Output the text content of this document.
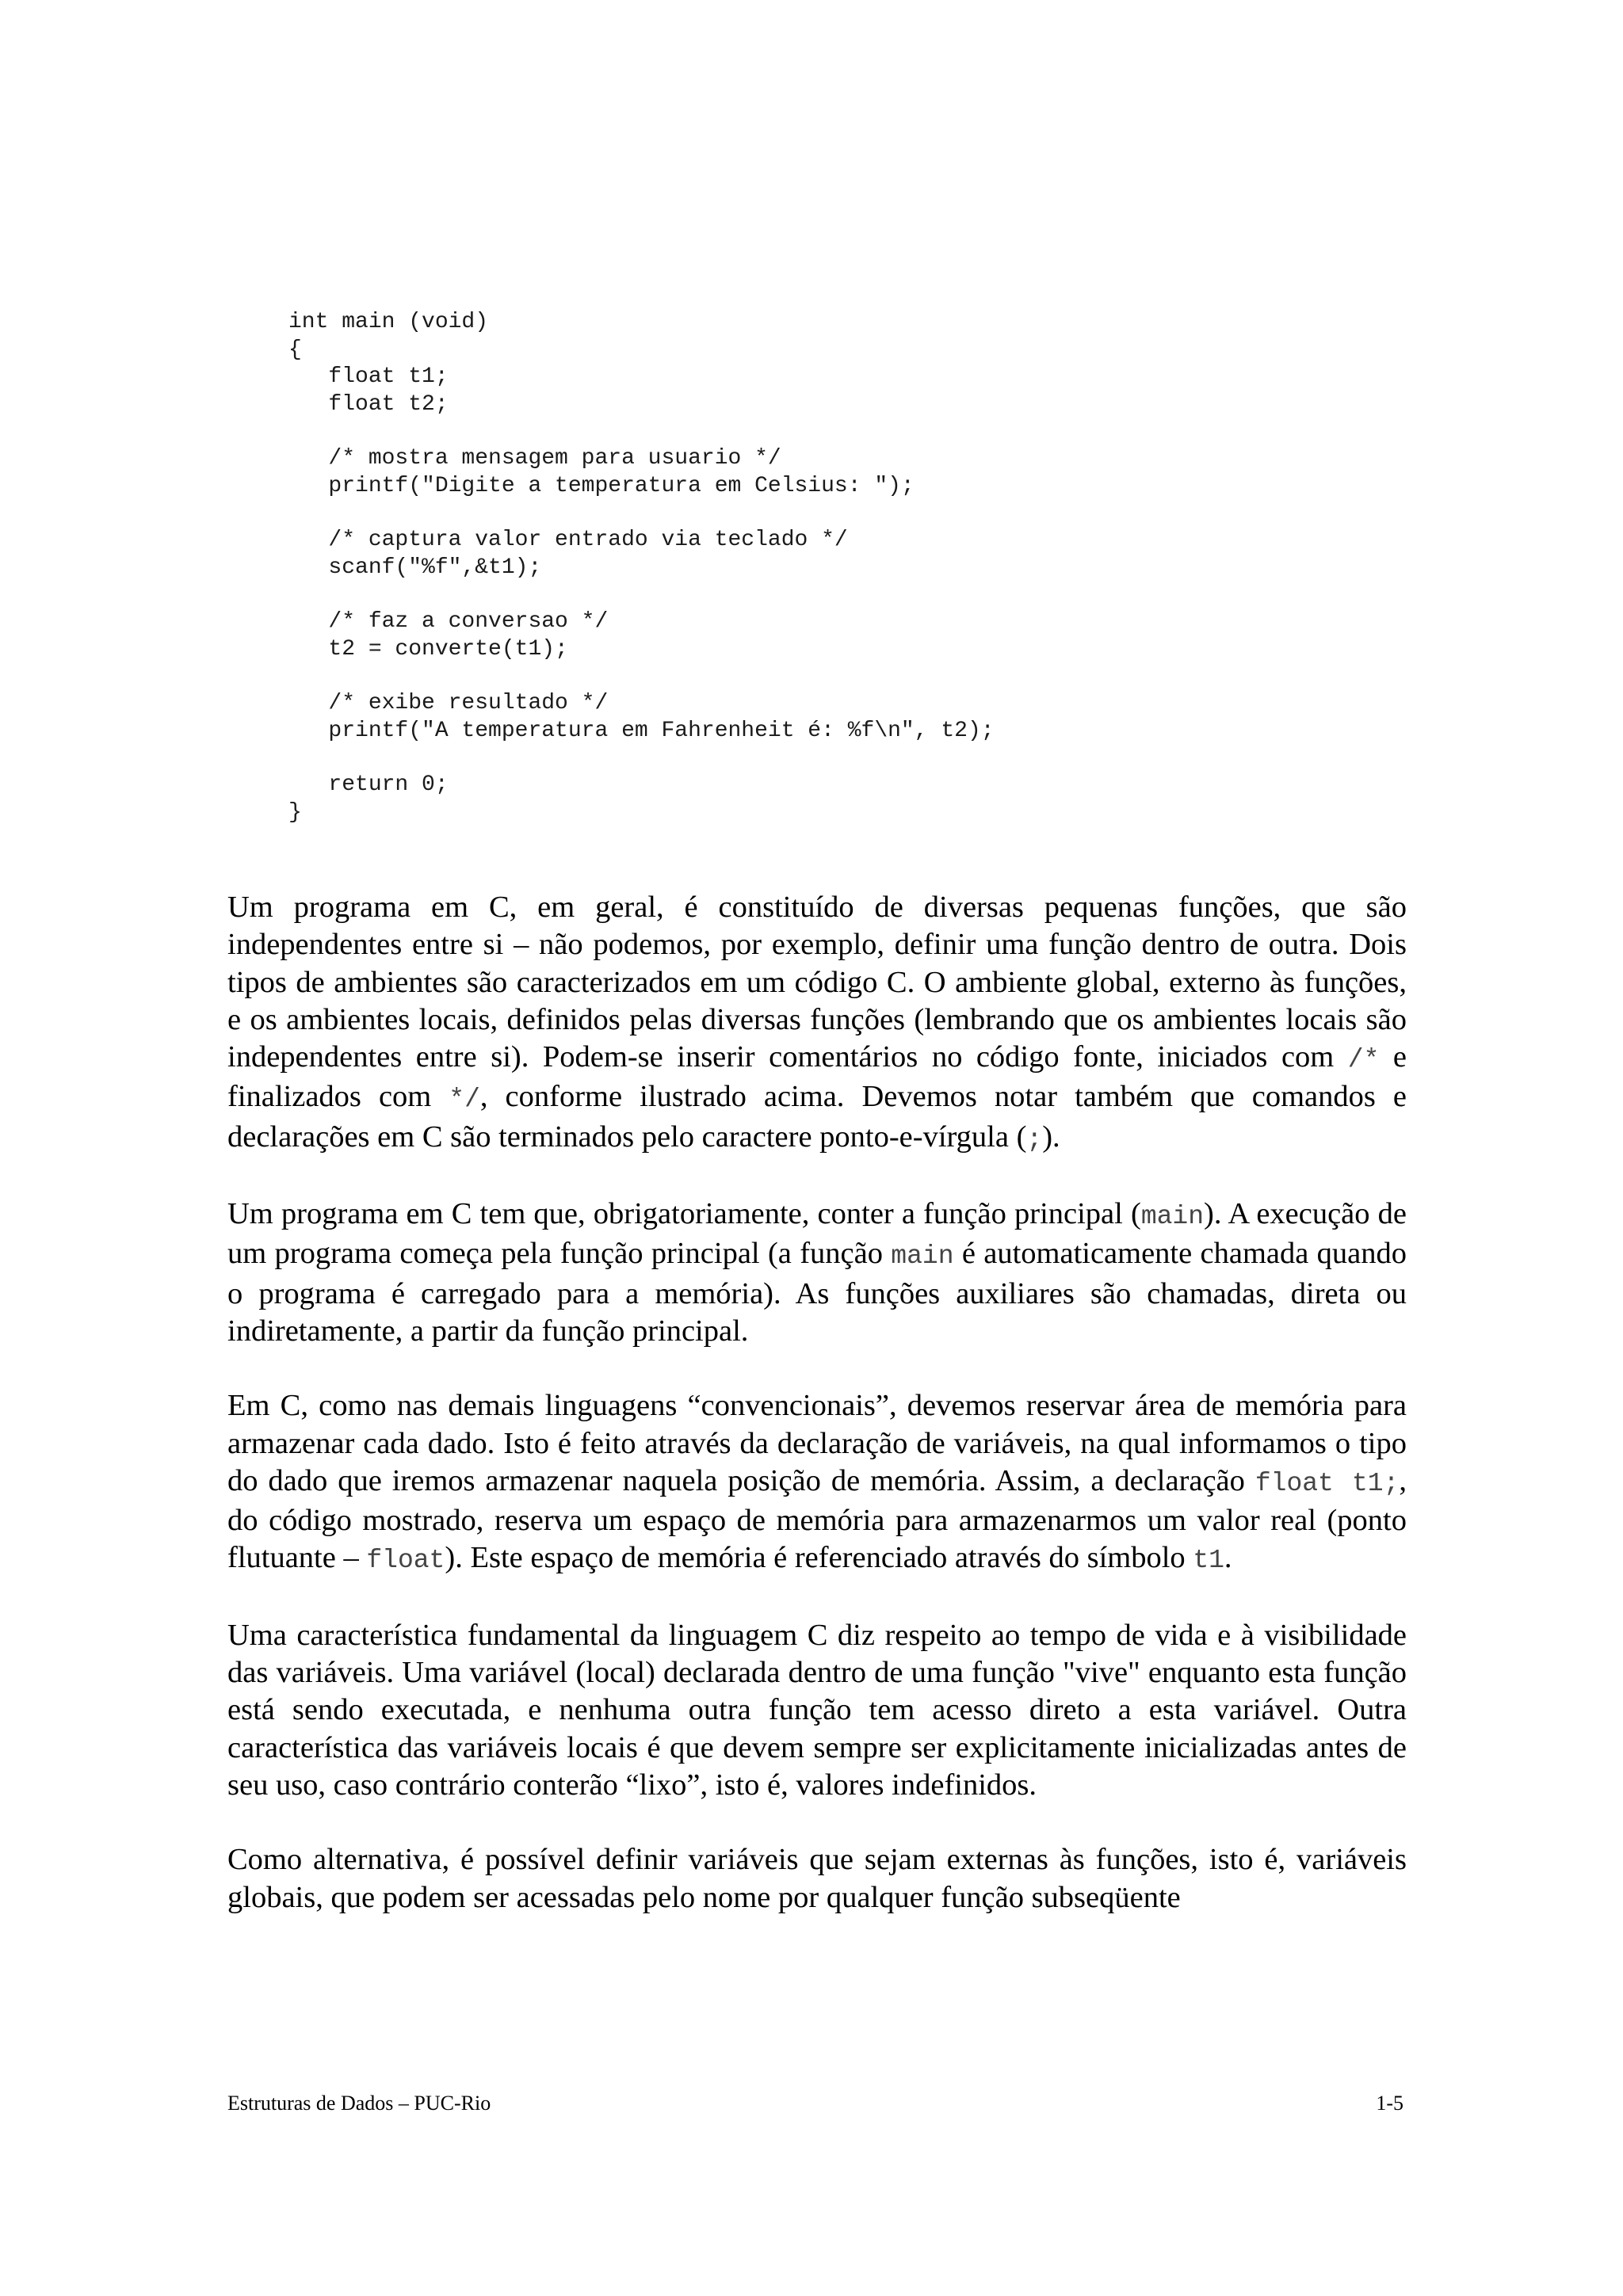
int main (void)
{
float t1;
float t2;
/* mostra mensagem para usuario */
printf("Digite a temperatura em Celsius: ");
/* captura valor entrado via teclado */
scanf("%f",&t1);
/* faz a conversao */
t2 = converte(t1);
/* exibe resultado */
printf("A temperatura em Fahrenheit é: %f\n", t2);
return 0;
}

Um programa em C, em geral, é constituído de diversas pequenas funções, que são independentes entre si – não podemos, por exemplo, definir uma função dentro de outra. Dois tipos de ambientes são caracterizados em um código C. O ambiente global, externo às funções, e os ambientes locais, definidos pelas diversas funções (lembrando que os ambientes locais são independentes entre si). Podem-se inserir comentários no código fonte, iniciados com /* e finalizados com */, conforme ilustrado acima. Devemos notar também que comandos e declarações em C são terminados pelo caractere ponto-e-vírgula (;).

Um programa em C tem que, obrigatoriamente, conter a função principal (main). A execução de um programa começa pela função principal (a função main é automaticamente chamada quando o programa é carregado para a memória). As funções auxiliares são chamadas, direta ou indiretamente, a partir da função principal.

Em C, como nas demais linguagens “convencionais”, devemos reservar área de memória para armazenar cada dado. Isto é feito através da declaração de variáveis, na qual informamos o tipo do dado que iremos armazenar naquela posição de memória. Assim, a declaração float t1;, do código mostrado, reserva um espaço de memória para armazenarmos um valor real (ponto flutuante – float). Este espaço de memória é referenciado através do símbolo t1.

Uma característica fundamental da linguagem C diz respeito ao tempo de vida e à visibilidade das variáveis. Uma variável (local) declarada dentro de uma função "vive" enquanto esta função está sendo executada, e nenhuma outra função tem acesso direto a esta variável. Outra característica das variáveis locais é que devem sempre ser explicitamente inicializadas antes de seu uso, caso contrário conterão “lixo”, isto é, valores indefinidos.

Como alternativa, é possível definir variáveis que sejam externas às funções, isto é, variáveis globais, que podem ser acessadas pelo nome por qualquer função subseqüente

Estruturas de Dados – PUC-Rio	1-5
